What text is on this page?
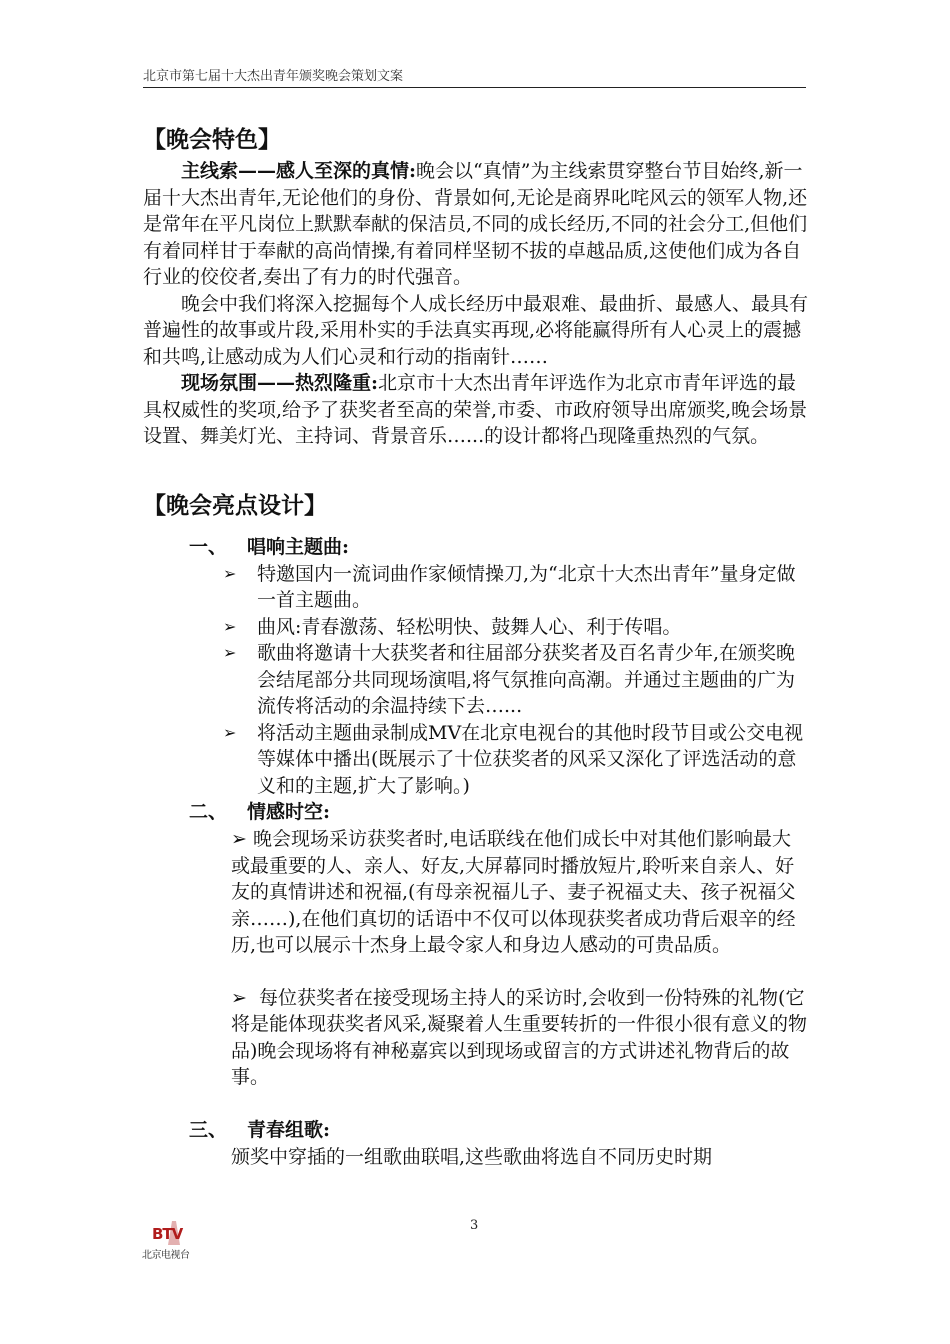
北京市第七届十大杰出青年颁奖晚会策划文案
【晚会特色】

主线索——感人至深的真情:晚会以“真情”为主线索贯穿整台节目始终,新一届十大杰出青年,无论他们的身份、背景如何,无论是商界叱咤风云的领军人物,还是常年在平凡岗位上默默奉献的保洁员,不同的成长经历,不同的社会分工,但他们有着同样甘于奉献的高尚情操,有着同样坚韧不拔的卓越品质,这使他们成为各自行业的佼佼者,奏出了有力的时代强音。

晚会中我们将深入挖掘每个人成长经历中最艰难、最曲折、最感人、最具有普遍性的故事或片段,采用朴实的手法真实再现,必将能赢得所有人心灵上的震撼和共鸣,让感动成为人们心灵和行动的指南针……

现场氛围——热烈隆重:北京市十大杰出青年评选作为北京市青年评选的最具权威性的奖项,给予了获奖者至高的荣誉,市委、市政府领导出席颁奖,晚会场景设置、舞美灯光、主持词、背景音乐…...的设计都将凸现隆重热烈的气氛。

【晚会亮点设计】
一、 唱响主题曲:
➢	特邀国内一流词曲作家倾情操刀,为“北京十大杰出青年”量身定做一首主题曲。
➢	曲风:青春激荡、轻松明快、鼓舞人心、利于传唱。
➢	歌曲将邀请十大获奖者和往届部分获奖者及百名青少年,在颁奖晚会结尾部分共同现场演唱,将气氛推向高潮。并通过主题曲的广为流传将活动的余温持续下去…...
➢	将活动主题曲录制成MV在北京电视台的其他时段节目或公交电视等媒体中播出(既展示了十位获奖者的风采又深化了评选活动的意义和的主题,扩大了影响。)
二、 情感时空:
➢ 晚会现场采访获奖者时,电话联线在他们成长中对其他们影响最大或最重要的人、亲人、好友,大屏幕同时播放短片,聆听来自亲人、好友的真情讲述和祝福,(有母亲祝福儿子、妻子祝福丈夫、孩子祝福父亲……),在他们真切的话语中不仅可以体现获奖者成功背后艰辛的经历,也可以展示十杰身上最令家人和身边人感动的可贵品质。
➢  每位获奖者在接受现场主持人的采访时,会收到一份特殊的礼物(它将是能体现获奖者风采,凝聚着人生重要转折的一件很小很有意义的物品)晚会现场将有神秘嘉宾以到现场或留言的方式讲述礼物背后的故事。
三、 青春组歌:
颁奖中穿插的一组歌曲联唱,这些歌曲将选自不同历史时期
3
BTV
北京电视台
